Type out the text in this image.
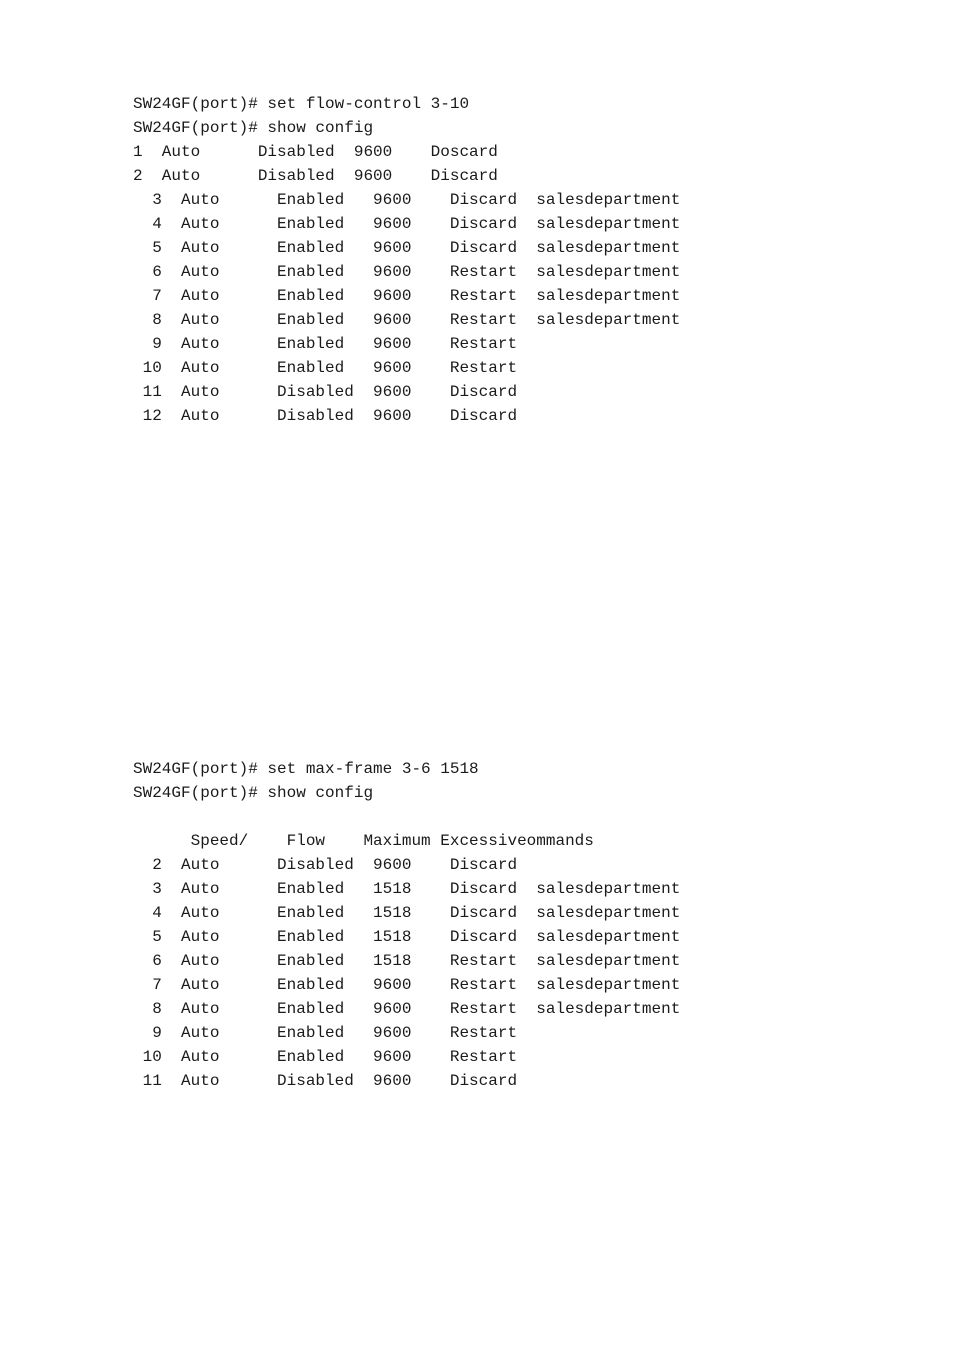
SW24GF(port)# set flow-control 3-10
SW24GF(port)# show config
1  Auto      Disabled  9600    Doscard
2  Auto      Disabled  9600    Discard
3  Auto      Enabled   9600    Discard  salesdepartment
4  Auto      Enabled   9600    Discard  salesdepartment
5  Auto      Enabled   9600    Discard  salesdepartment
6  Auto      Enabled   9600    Restart  salesdepartment
7  Auto      Enabled   9600    Restart  salesdepartment
8  Auto      Enabled   9600    Restart  salesdepartment
9  Auto      Enabled   9600    Restart
10  Auto      Enabled   9600    Restart
11  Auto      Disabled  9600    Discard
12  Auto      Disabled  9600    Discard
SW24GF(port)# set max-frame 3-6 1518
SW24GF(port)# show config
Speed/    Flow    Maximum Excessiveommands
2  Auto      Disabled  9600    Discard
3  Auto      Enabled   1518    Discard  salesdepartment
4  Auto      Enabled   1518    Discard  salesdepartment
5  Auto      Enabled   1518    Discard  salesdepartment
6  Auto      Enabled   1518    Restart  salesdepartment
7  Auto      Enabled   9600    Restart  salesdepartment
8  Auto      Enabled   9600    Restart  salesdepartment
9  Auto      Enabled   9600    Restart
10  Auto      Enabled   9600    Restart
11  Auto      Disabled  9600    Discard
